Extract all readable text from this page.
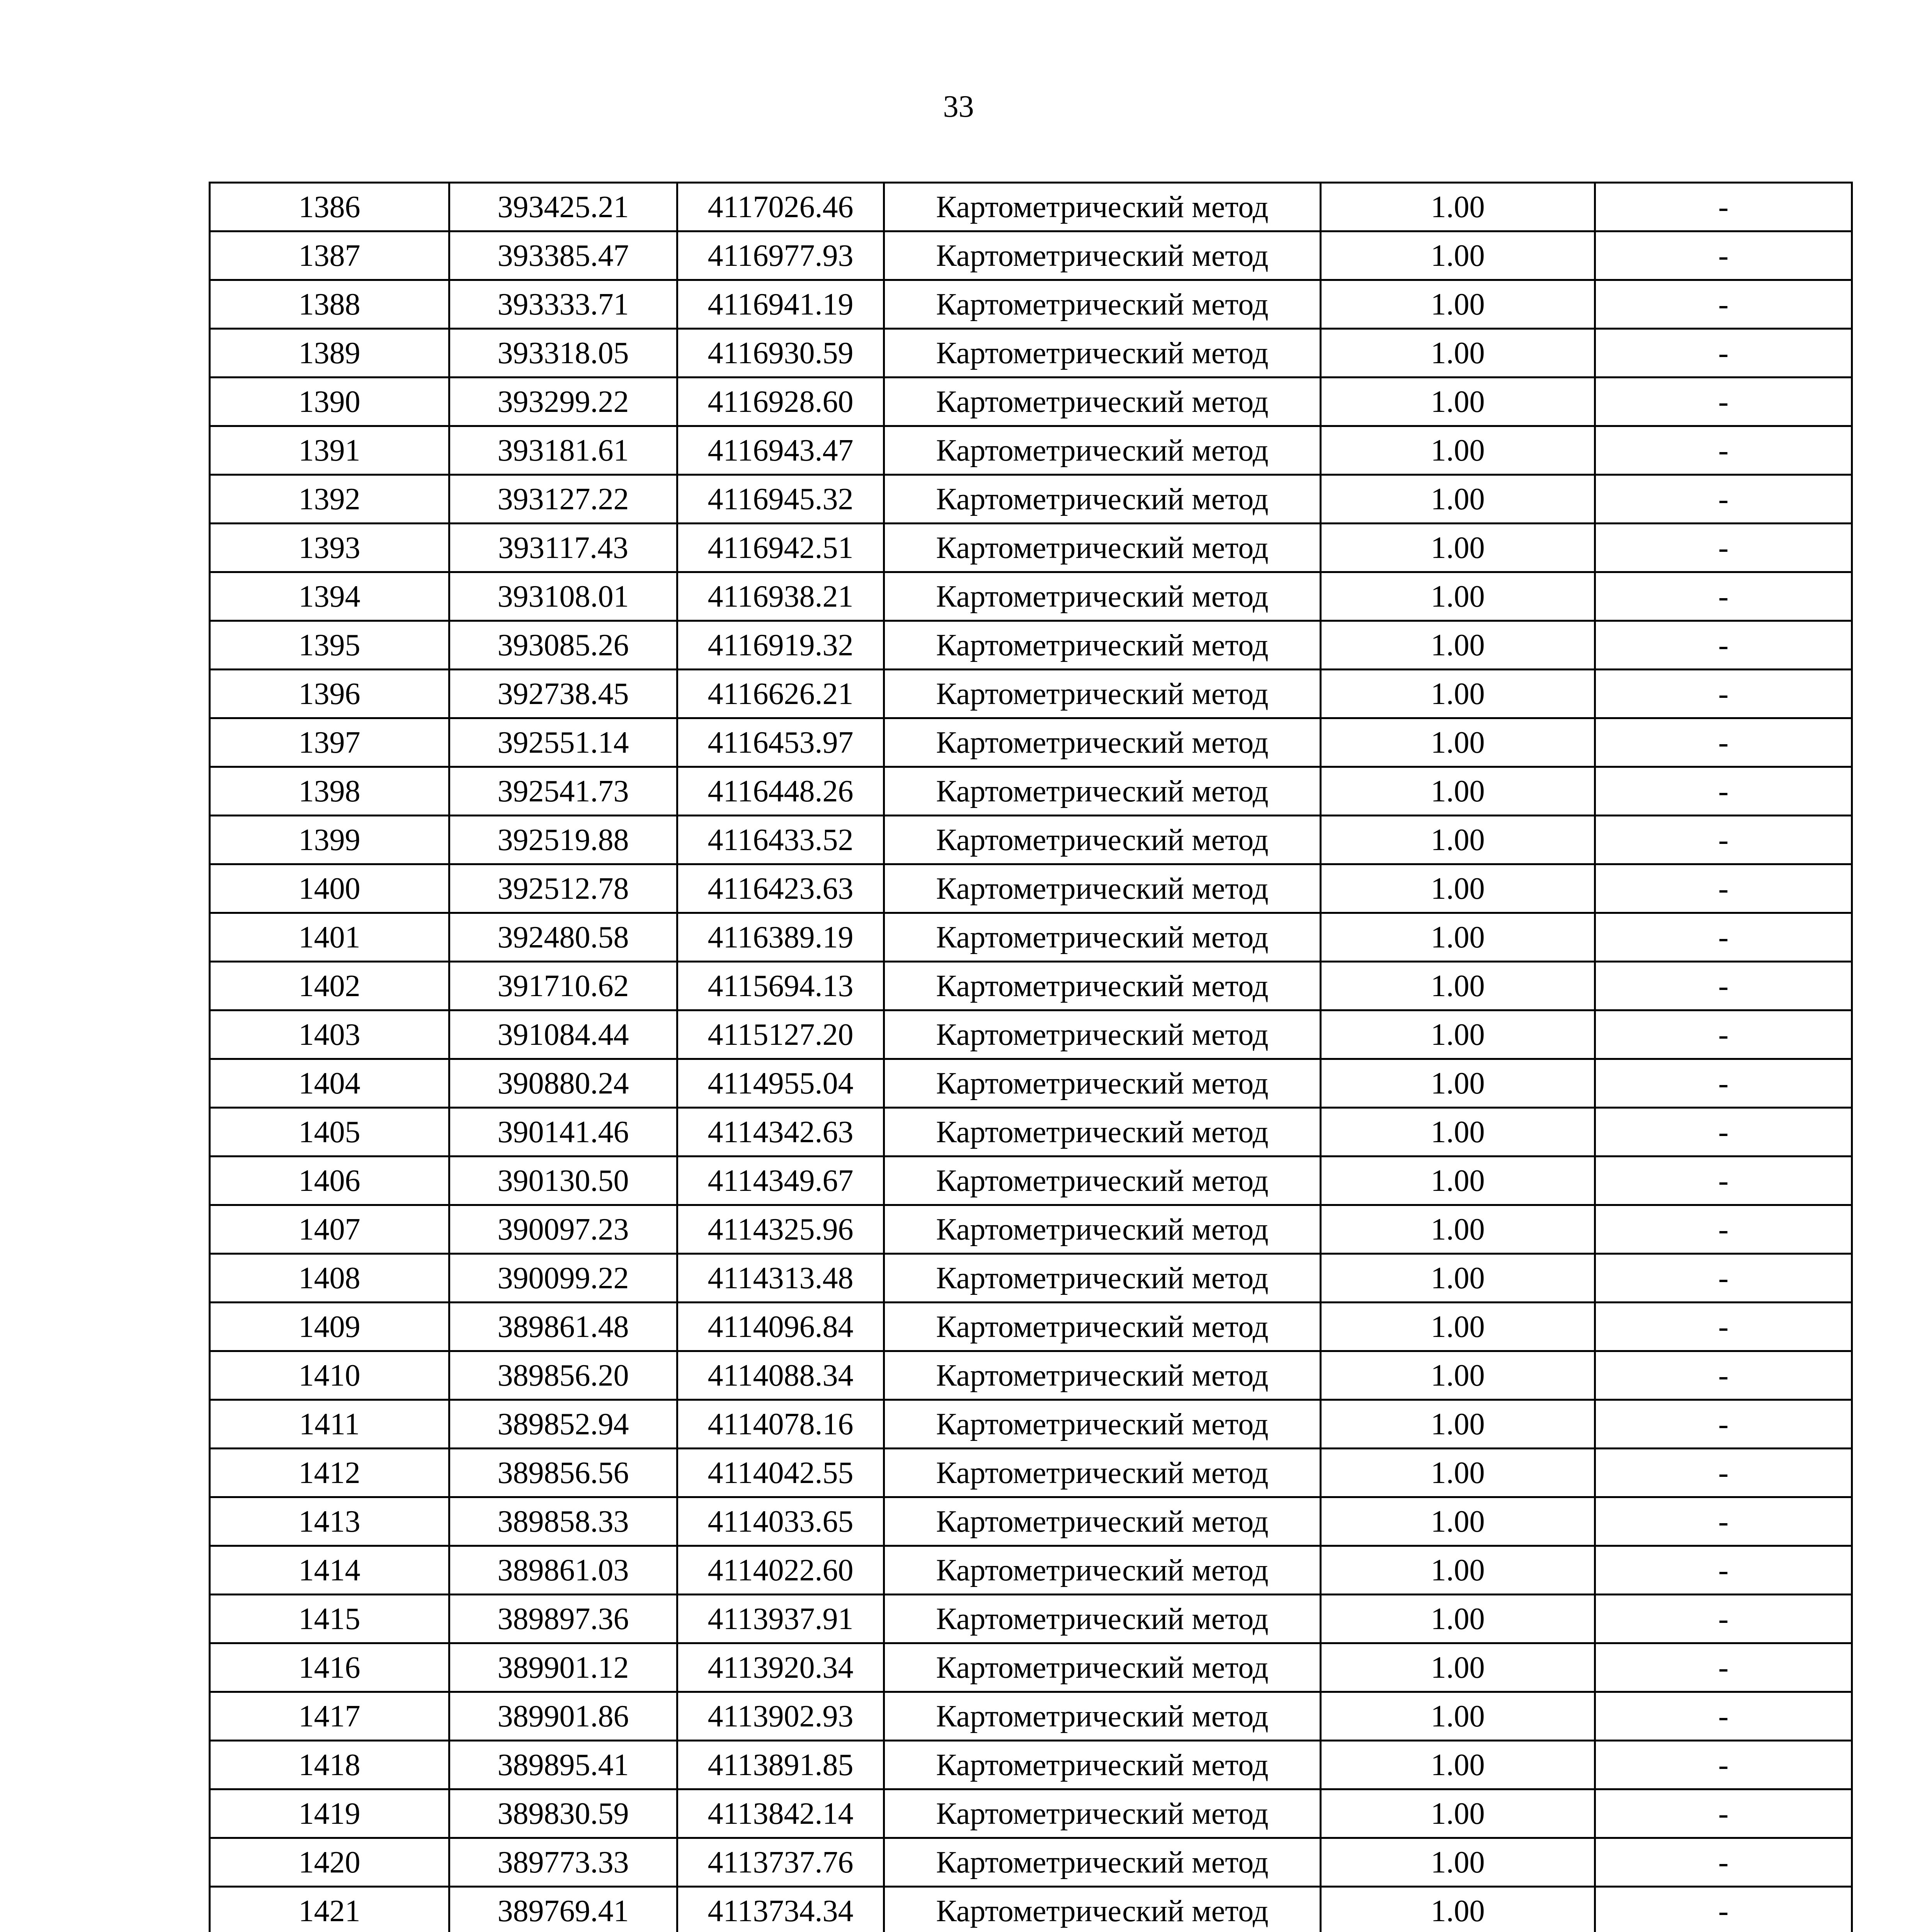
33
1386	393425.21	4117026.46	Картометрический метод	1.00	-
1387	393385.47	4116977.93	Картометрический метод	1.00	-
1388	393333.71	4116941.19	Картометрический метод	1.00	-
1389	393318.05	4116930.59	Картометрический метод	1.00	-
1390	393299.22	4116928.60	Картометрический метод	1.00	-
1391	393181.61	4116943.47	Картометрический метод	1.00	-
1392	393127.22	4116945.32	Картометрический метод	1.00	-
1393	393117.43	4116942.51	Картометрический метод	1.00	-
1394	393108.01	4116938.21	Картометрический метод	1.00	-
1395	393085.26	4116919.32	Картометрический метод	1.00	-
1396	392738.45	4116626.21	Картометрический метод	1.00	-
1397	392551.14	4116453.97	Картометрический метод	1.00	-
1398	392541.73	4116448.26	Картометрический метод	1.00	-
1399	392519.88	4116433.52	Картометрический метод	1.00	-
1400	392512.78	4116423.63	Картометрический метод	1.00	-
1401	392480.58	4116389.19	Картометрический метод	1.00	-
1402	391710.62	4115694.13	Картометрический метод	1.00	-
1403	391084.44	4115127.20	Картометрический метод	1.00	-
1404	390880.24	4114955.04	Картометрический метод	1.00	-
1405	390141.46	4114342.63	Картометрический метод	1.00	-
1406	390130.50	4114349.67	Картометрический метод	1.00	-
1407	390097.23	4114325.96	Картометрический метод	1.00	-
1408	390099.22	4114313.48	Картометрический метод	1.00	-
1409	389861.48	4114096.84	Картометрический метод	1.00	-
1410	389856.20	4114088.34	Картометрический метод	1.00	-
1411	389852.94	4114078.16	Картометрический метод	1.00	-
1412	389856.56	4114042.55	Картометрический метод	1.00	-
1413	389858.33	4114033.65	Картометрический метод	1.00	-
1414	389861.03	4114022.60	Картометрический метод	1.00	-
1415	389897.36	4113937.91	Картометрический метод	1.00	-
1416	389901.12	4113920.34	Картометрический метод	1.00	-
1417	389901.86	4113902.93	Картометрический метод	1.00	-
1418	389895.41	4113891.85	Картометрический метод	1.00	-
1419	389830.59	4113842.14	Картометрический метод	1.00	-
1420	389773.33	4113737.76	Картометрический метод	1.00	-
1421	389769.41	4113734.34	Картометрический метод	1.00	-
